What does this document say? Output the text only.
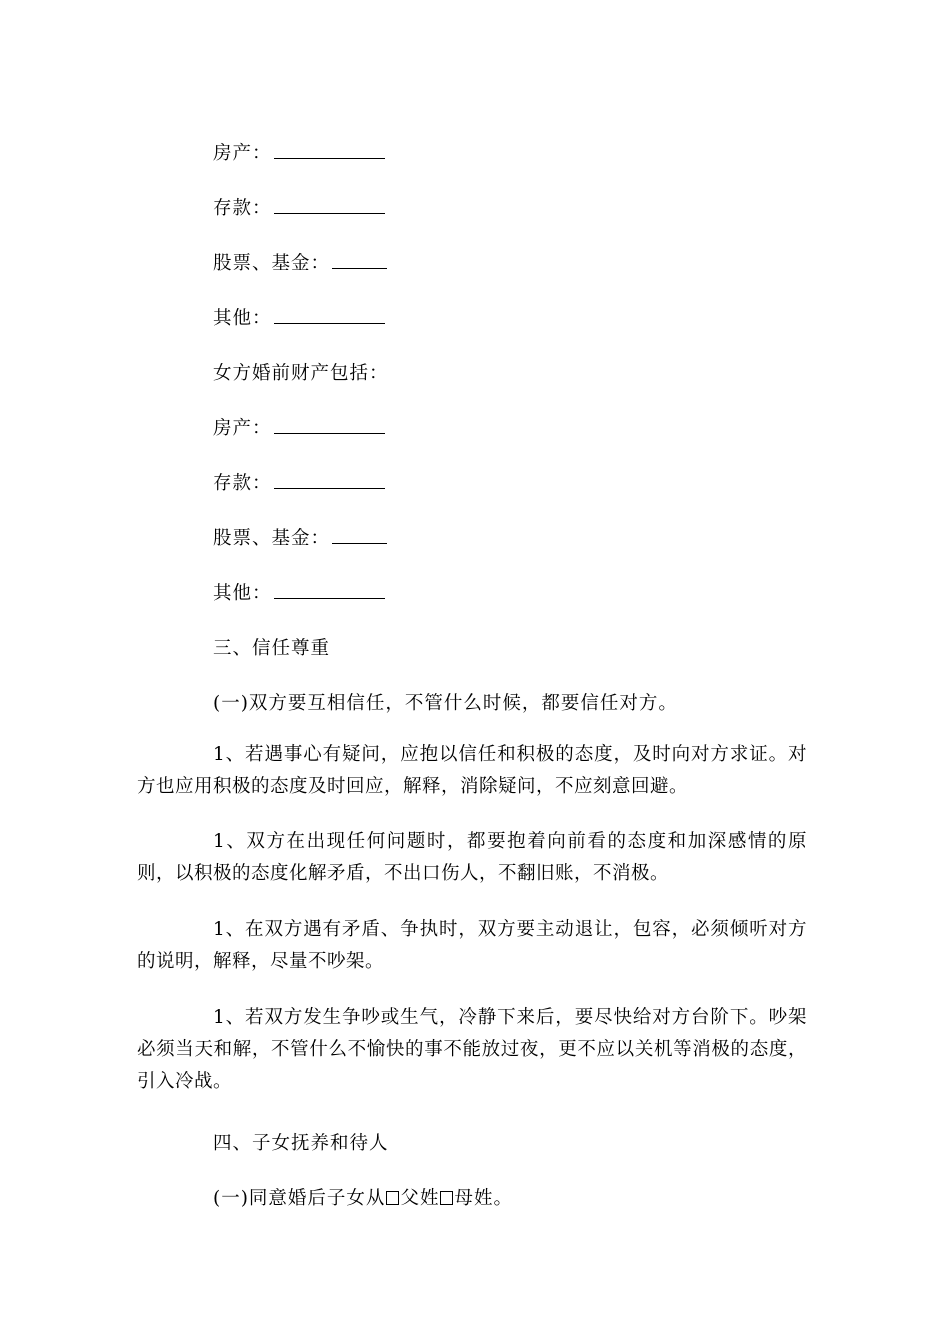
房产：
存款：
股票、基金：
其他：
女方婚前财产包括：
房产：
存款：
股票、基金：
其他：
三、信任尊重
(一)双方要互相信任，不管什么时候，都要信任对方。
1、若遇事心有疑问，应抱以信任和积极的态度，及时向对方求证。对方也应用积极的态度及时回应，解释，消除疑问，不应刻意回避。
1、双方在出现任何问题时，都要抱着向前看的态度和加深感情的原则，以积极的态度化解矛盾，不出口伤人，不翻旧账，不消极。
1、在双方遇有矛盾、争执时，双方要主动退让，包容，必须倾听对方的说明，解释，尽量不吵架。
1、若双方发生争吵或生气，冷静下来后，要尽快给对方台阶下。吵架必须当天和解，不管什么不愉快的事不能放过夜，更不应以关机等消极的态度，引入冷战。
四、子女抚养和待人
(一)同意婚后子女从 父姓 母姓。
